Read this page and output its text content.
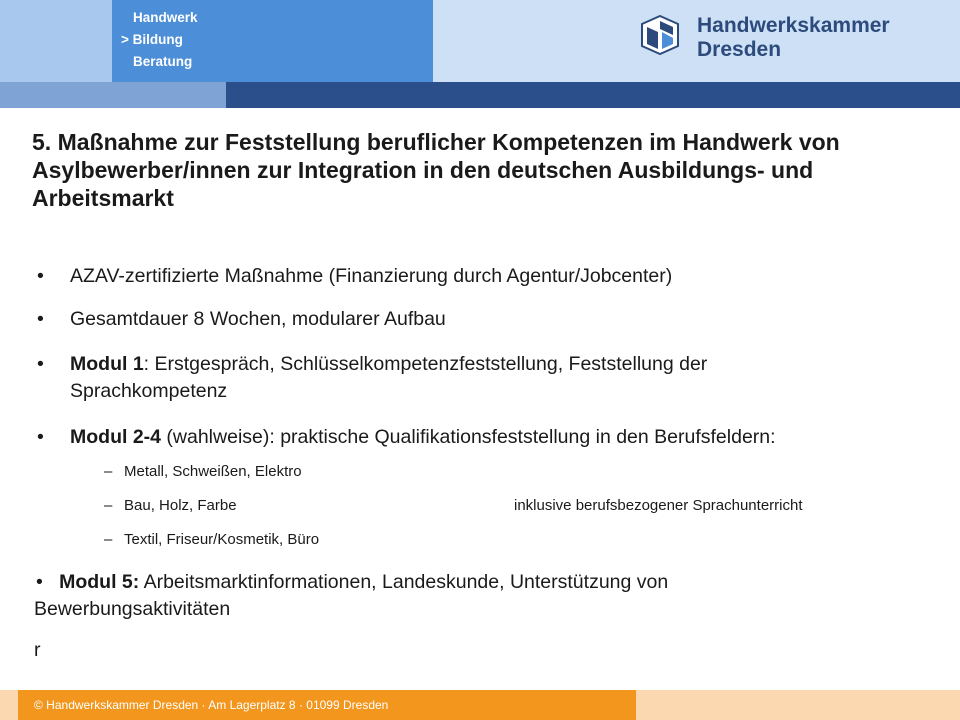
Handwerk
> Bildung
Beratung
Handwerkskammer
Dresden
5. Maßnahme zur Feststellung beruflicher Kompetenzen im Handwerk von Asylbewerber/innen zur Integration in den deutschen Ausbildungs- und Arbeitsmarkt
• AZAV-zertifizierte Maßnahme (Finanzierung durch Agentur/Jobcenter)
• Gesamtdauer 8 Wochen, modularer Aufbau
• Modul 1: Erstgespräch, Schlüsselkompetenzfeststellung, Feststellung der
Sprachkompetenz
• Modul 2-4 (wahlweise): praktische Qualifikationsfeststellung in den Berufsfeldern:
– Metall, Schweißen, Elektro
– Bau, Holz, Farbe	inklusive berufsbezogener Sprachunterricht
– Textil, Friseur/Kosmetik, Büro
• Modul 5: Arbeitsmarktinformationen, Landeskunde, Unterstützung von
Bewerbungsaktivitäten
r
© Handwerkskammer Dresden · Am Lagerplatz 8 · 01099 Dresden
